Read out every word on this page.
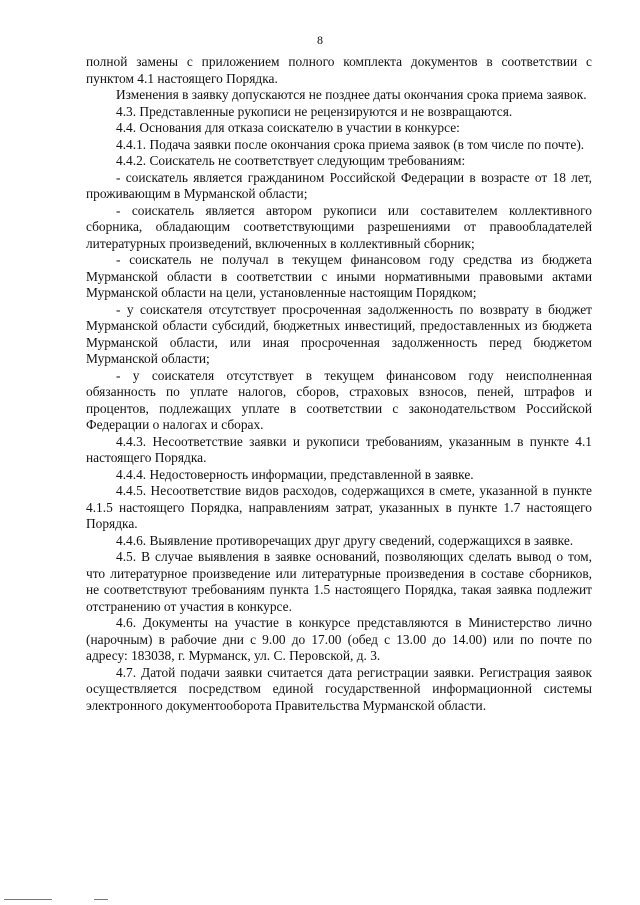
8

полной замены с приложением полного комплекта документов в соответствии с пунктом 4.1 настоящего Порядка.

Изменения в заявку допускаются не позднее даты окончания срока приема заявок.

4.3. Представленные рукописи не рецензируются и не возвращаются.

4.4. Основания для отказа соискателю в участии в конкурсе:

4.4.1. Подача заявки после окончания срока приема заявок (в том числе по почте).

4.4.2. Соискатель не соответствует следующим требованиям:

- соискатель является гражданином Российской Федерации в возрасте от 18 лет, проживающим в Мурманской области;

- соискатель является автором рукописи или составителем коллективного сборника, обладающим соответствующими разрешениями от правообладателей литературных произведений, включенных в коллективный сборник;

- соискатель не получал в текущем финансовом году средства из бюджета Мурманской области в соответствии с иными нормативными правовыми актами Мурманской области на цели, установленные настоящим Порядком;

- у соискателя отсутствует просроченная задолженность по возврату в бюджет Мурманской области субсидий, бюджетных инвестиций, предоставленных из бюджета Мурманской области, или иная просроченная задолженность перед бюджетом Мурманской области;

- у соискателя отсутствует в текущем финансовом году неисполненная обязанность по уплате налогов, сборов, страховых взносов, пеней, штрафов и процентов, подлежащих уплате в соответствии с законодательством Российской Федерации о налогах и сборах.

4.4.3. Несоответствие заявки и рукописи требованиям, указанным в пункте 4.1 настоящего Порядка.

4.4.4. Недостоверность информации, представленной в заявке.

4.4.5. Несоответствие видов расходов, содержащихся в смете, указанной в пункте 4.1.5 настоящего Порядка, направлениям затрат, указанных в пункте 1.7 настоящего Порядка.

4.4.6. Выявление противоречащих друг другу сведений, содержащихся в заявке.

4.5. В случае выявления в заявке оснований, позволяющих сделать вывод о том, что литературное произведение или литературные произведения в составе сборников, не соответствуют требованиям пункта 1.5 настоящего Порядка, такая заявка подлежит отстранению от участия в конкурсе.

4.6. Документы на участие в конкурсе представляются в Министерство лично (нарочным) в рабочие дни с 9.00 до 17.00 (обед с 13.00 до 14.00) или по почте по адресу: 183038, г. Мурманск, ул. С. Перовской, д. 3.

4.7. Датой подачи заявки считается дата регистрации заявки. Регистрация заявок осуществляется посредством единой государственной информационной системы электронного документооборота Правительства Мурманской области.
